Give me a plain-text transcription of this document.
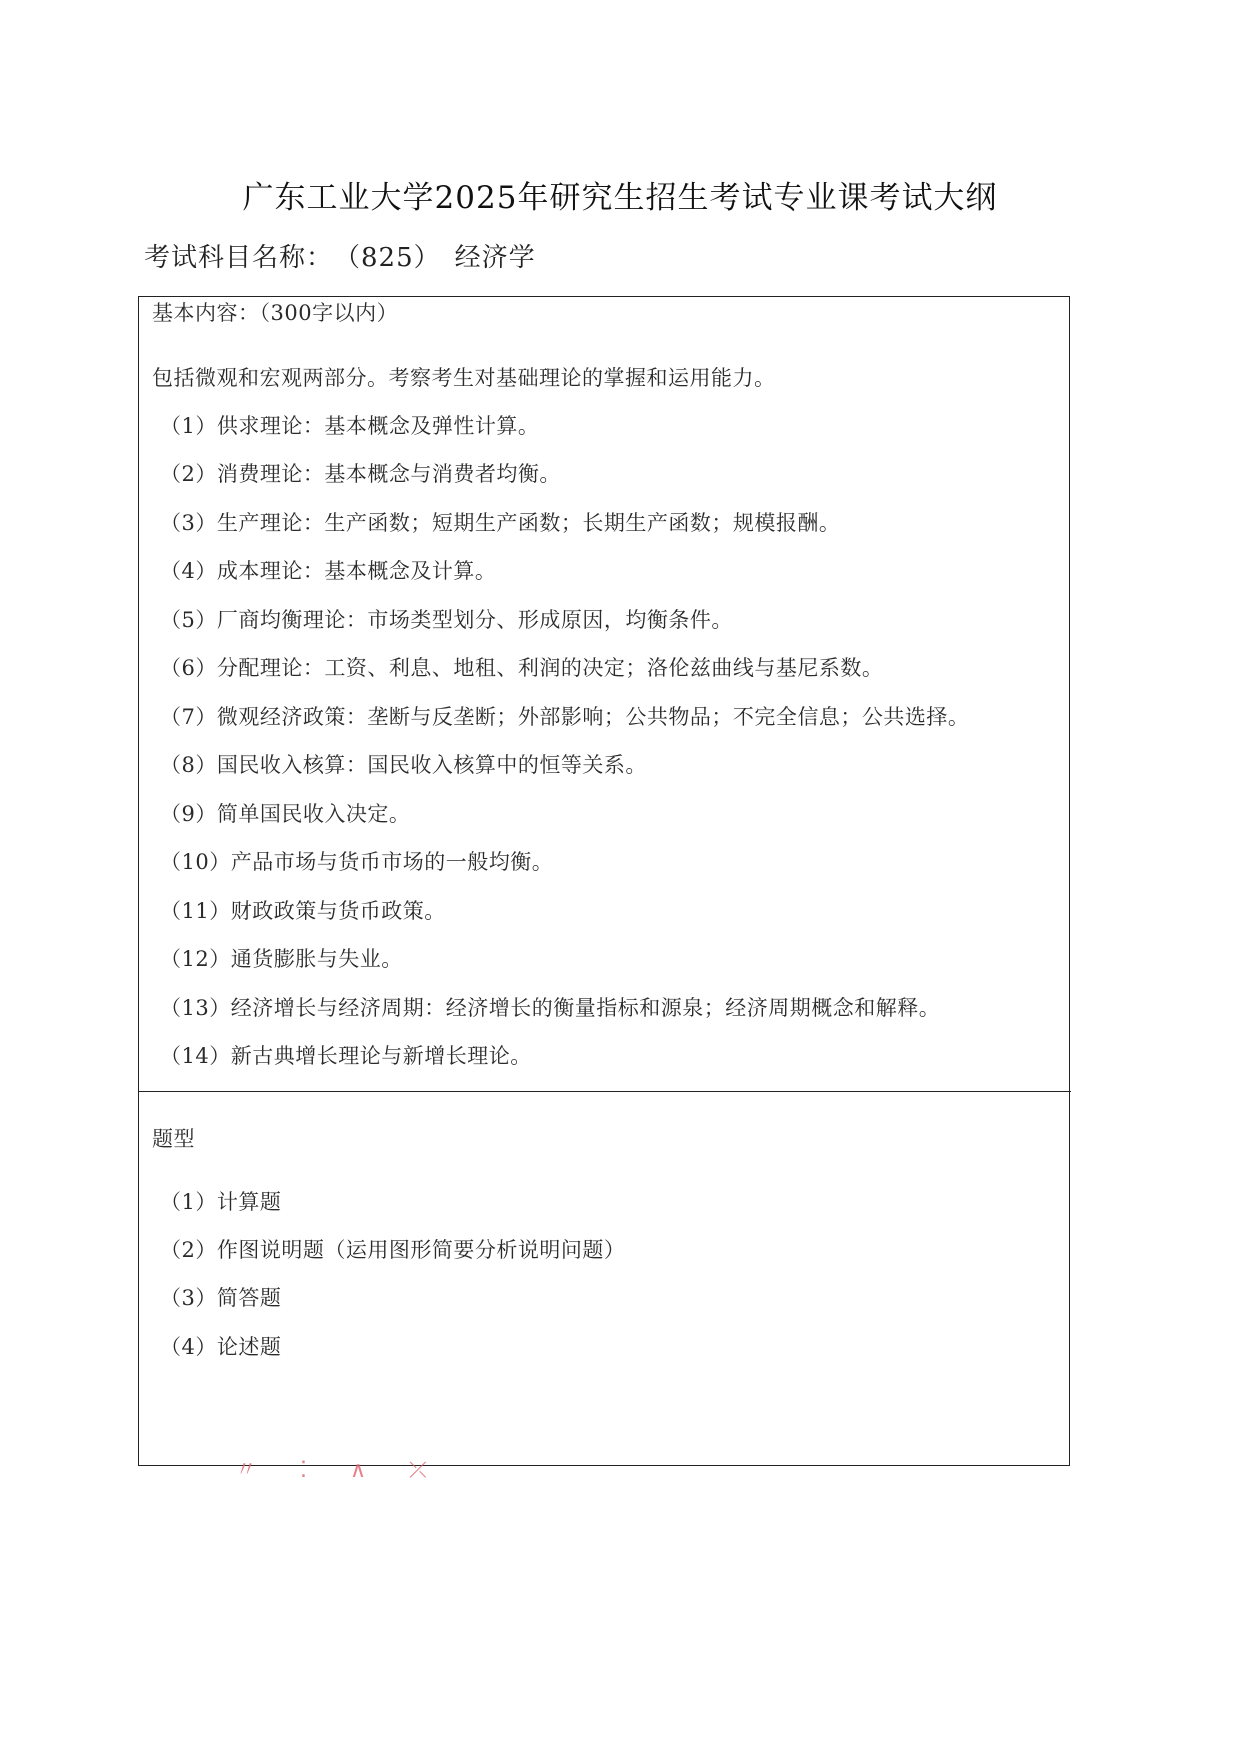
广东工业大学2025年研究生招生考试专业课考试大纲
考试科目名称： （825） 经济学
基本内容：（300字以内）
包括微观和宏观两部分。考察考生对基础理论的掌握和运用能力。
（1）供求理论：基本概念及弹性计算。
（2）消费理论：基本概念与消费者均衡。
（3）生产理论：生产函数；短期生产函数；长期生产函数；规模报酬。
（4）成本理论：基本概念及计算。
（5）厂商均衡理论：市场类型划分、形成原因，均衡条件。
（6）分配理论：工资、利息、地租、利润的决定；洛伦兹曲线与基尼系数。
（7）微观经济政策：垄断与反垄断；外部影响；公共物品；不完全信息；公共选择。
（8）国民收入核算：国民收入核算中的恒等关系。
（9）简单国民收入决定。
（10）产品市场与货币市场的一般均衡。
（11）财政政策与货币政策。
（12）通货膨胀与失业。
（13）经济增长与经济周期：经济增长的衡量指标和源泉；经济周期概念和解释。
（14）新古典增长理论与新增长理论。
题型
（1）计算题
（2）作图说明题（运用图形简要分析说明问题）
（3）简答题
（4）论述题
〃 ⁚ ∧ ⤫
